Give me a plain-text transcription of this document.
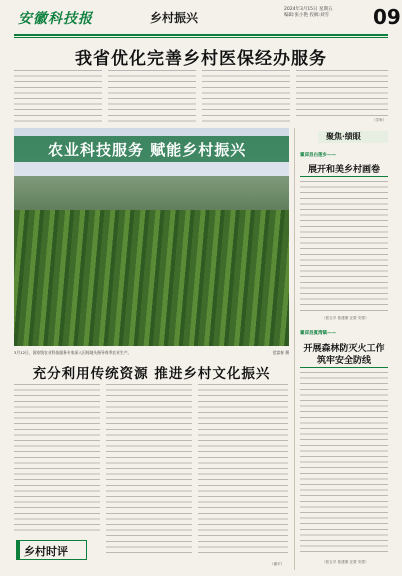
安徽科技报	乡村振兴
2024年3月15日 星期五
编辑:张小艳 投稿:刘雪	09
我省优化完善乡村医保经办服务
（学家）
农业科技服务 赋能乡村振兴
3月12日，国家级农业科技服务专家深入田间地头指导春季农业生产。	范富春 摄
充分利用传统资源 推进乡村文化振兴
（谢平）
乡村时评
聚焦·绩眼
霍邱县白莲乡——
展开和美乡村画卷
（张玉平 詹建康 汪蒙 安蒙）
霍邱县夏湾镇——
开展森林防灭火工作
筑牢安全防线
（张玉平 詹建康 汪蒙 安蒙）
